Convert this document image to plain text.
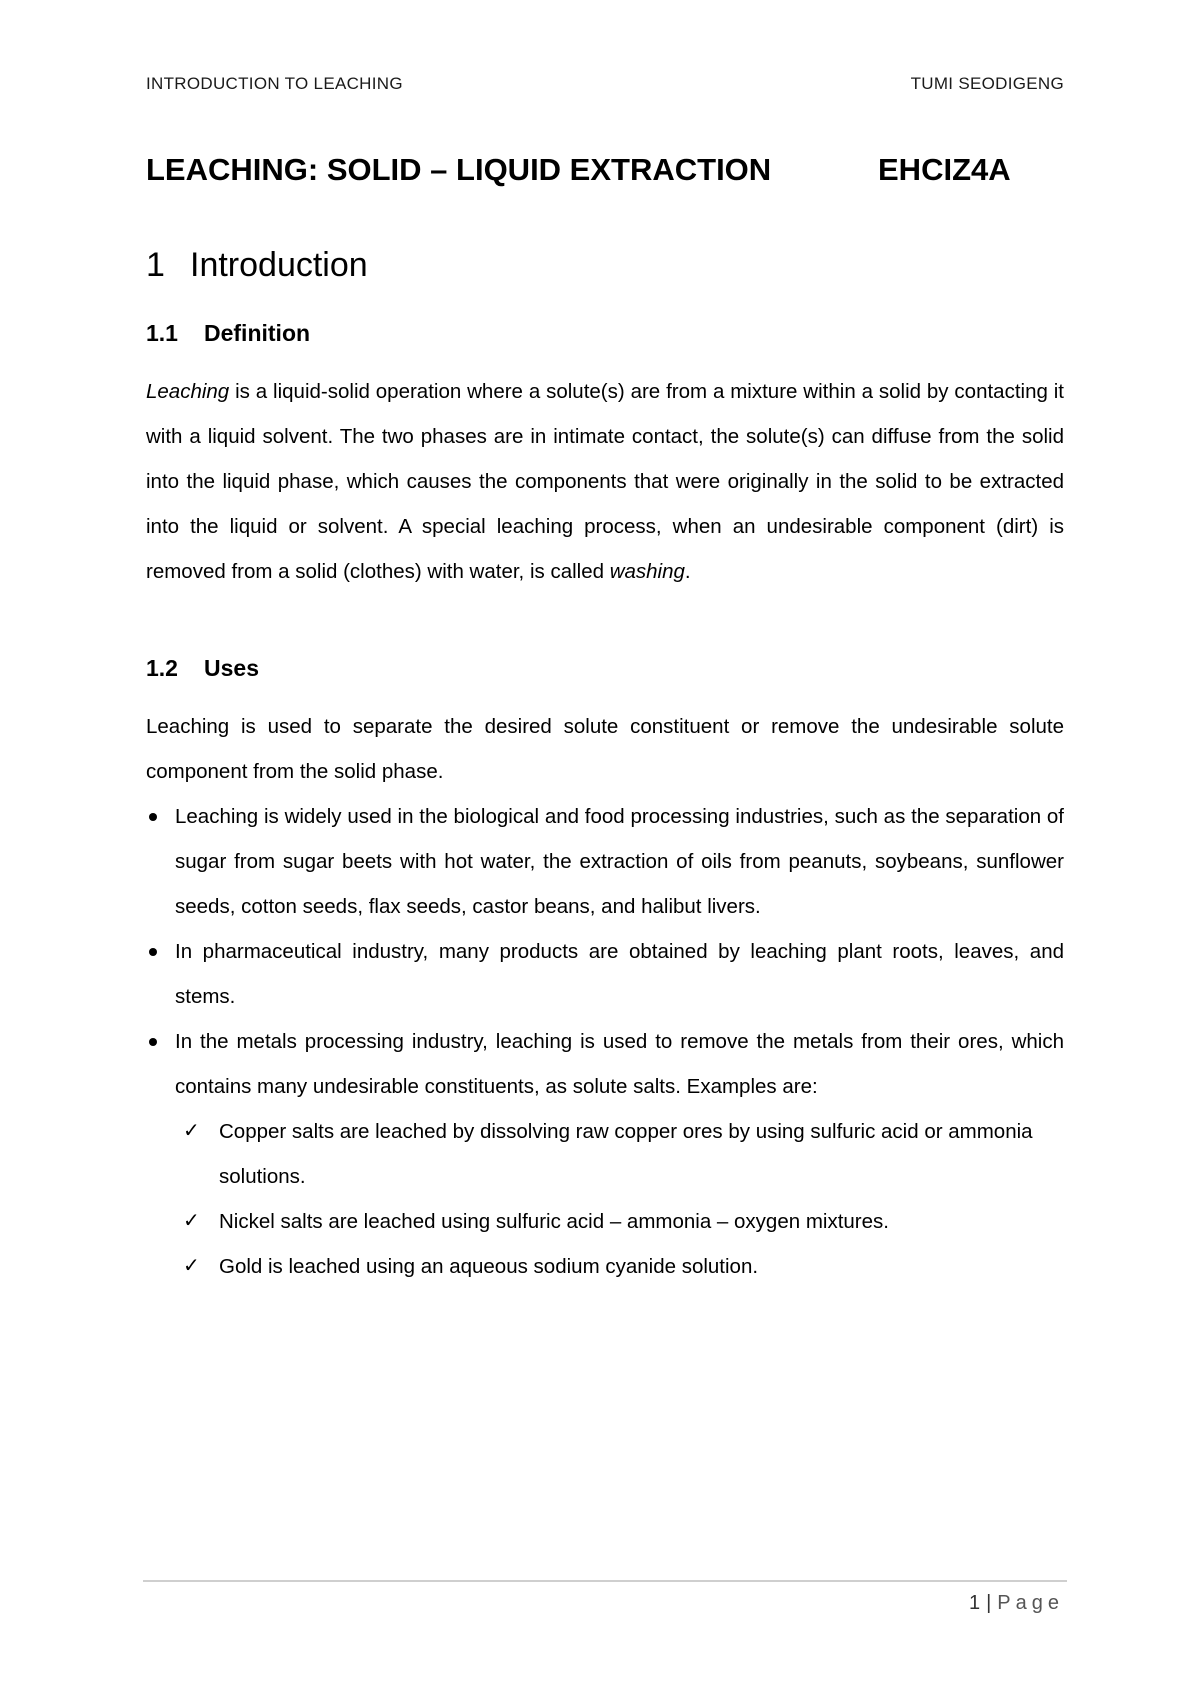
INTRODUCTION TO LEACHING	TUMI SEODIGENG
LEACHING: SOLID – LIQUID EXTRACTION	EHCIZ4A
1 Introduction
1.1 Definition
Leaching is a liquid-solid operation where a solute(s) are from a mixture within a solid by contacting it with a liquid solvent. The two phases are in intimate contact, the solute(s) can diffuse from the solid into the liquid phase, which causes the components that were originally in the solid to be extracted into the liquid or solvent. A special leaching process, when an undesirable component (dirt) is removed from a solid (clothes) with water, is called washing.
1.2 Uses
Leaching is used to separate the desired solute constituent or remove the undesirable solute component from the solid phase.
Leaching is widely used in the biological and food processing industries, such as the separation of sugar from sugar beets with hot water, the extraction of oils from peanuts, soybeans, sunflower seeds, cotton seeds, flax seeds, castor beans, and halibut livers.
In pharmaceutical industry, many products are obtained by leaching plant roots, leaves, and stems.
In the metals processing industry, leaching is used to remove the metals from their ores, which contains many undesirable constituents, as solute salts. Examples are:
✓ Copper salts are leached by dissolving raw copper ores by using sulfuric acid or ammonia solutions.
✓ Nickel salts are leached using sulfuric acid – ammonia – oxygen mixtures.
✓ Gold is leached using an aqueous sodium cyanide solution.
1 | Page
